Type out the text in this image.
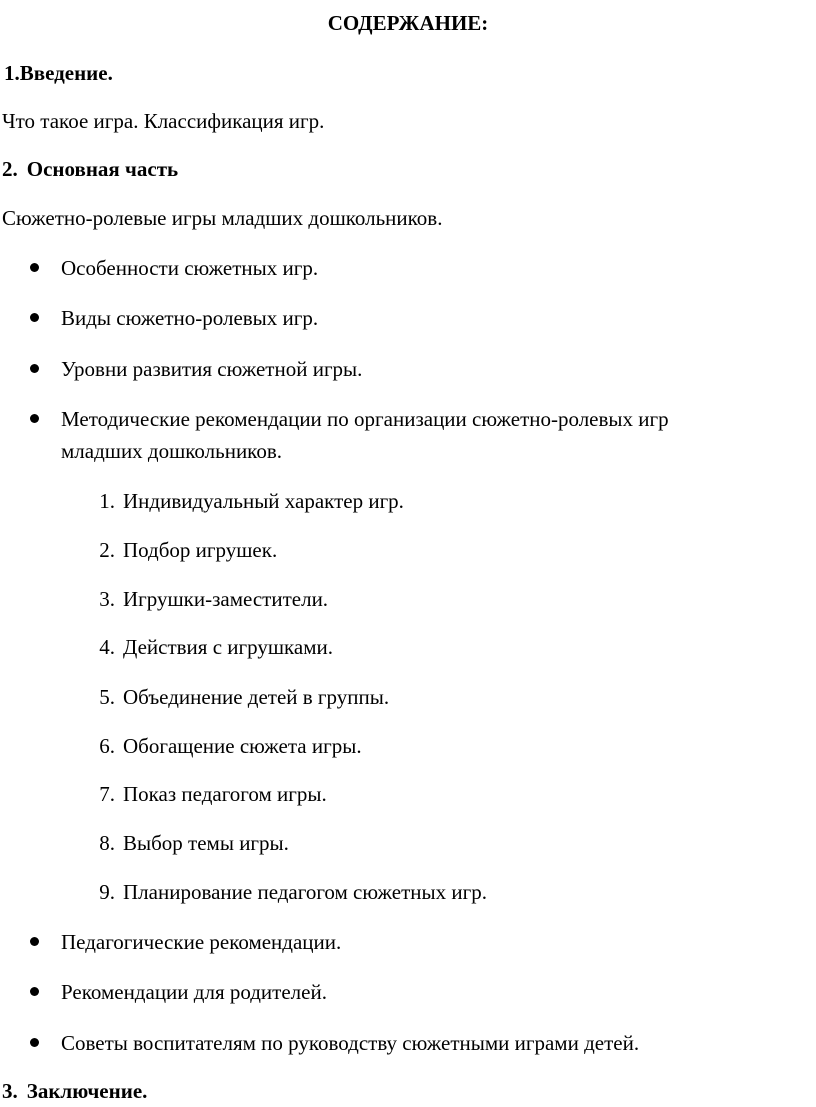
СОДЕРЖАНИЕ:
1.Введение.
Что такое игра. Классификация игр.
2. Основная часть
Сюжетно-ролевые игры младших дошкольников.
Особенности сюжетных игр.
Виды сюжетно-ролевых игр.
Уровни развития сюжетной игры.
Методические рекомендации по организации сюжетно-ролевых игр
младших дошкольников.
1. Индивидуальный характер игр.
2. Подбор игрушек.
3. Игрушки-заместители.
4. Действия с игрушками.
5. Объединение детей в группы.
6. Обогащение сюжета игры.
7. Показ педагогом игры.
8. Выбор темы игры.
9. Планирование педагогом сюжетных игр.
Педагогические рекомендации.
Рекомендации для родителей.
Советы воспитателям по руководству сюжетными играми детей.
3. Заключение.
